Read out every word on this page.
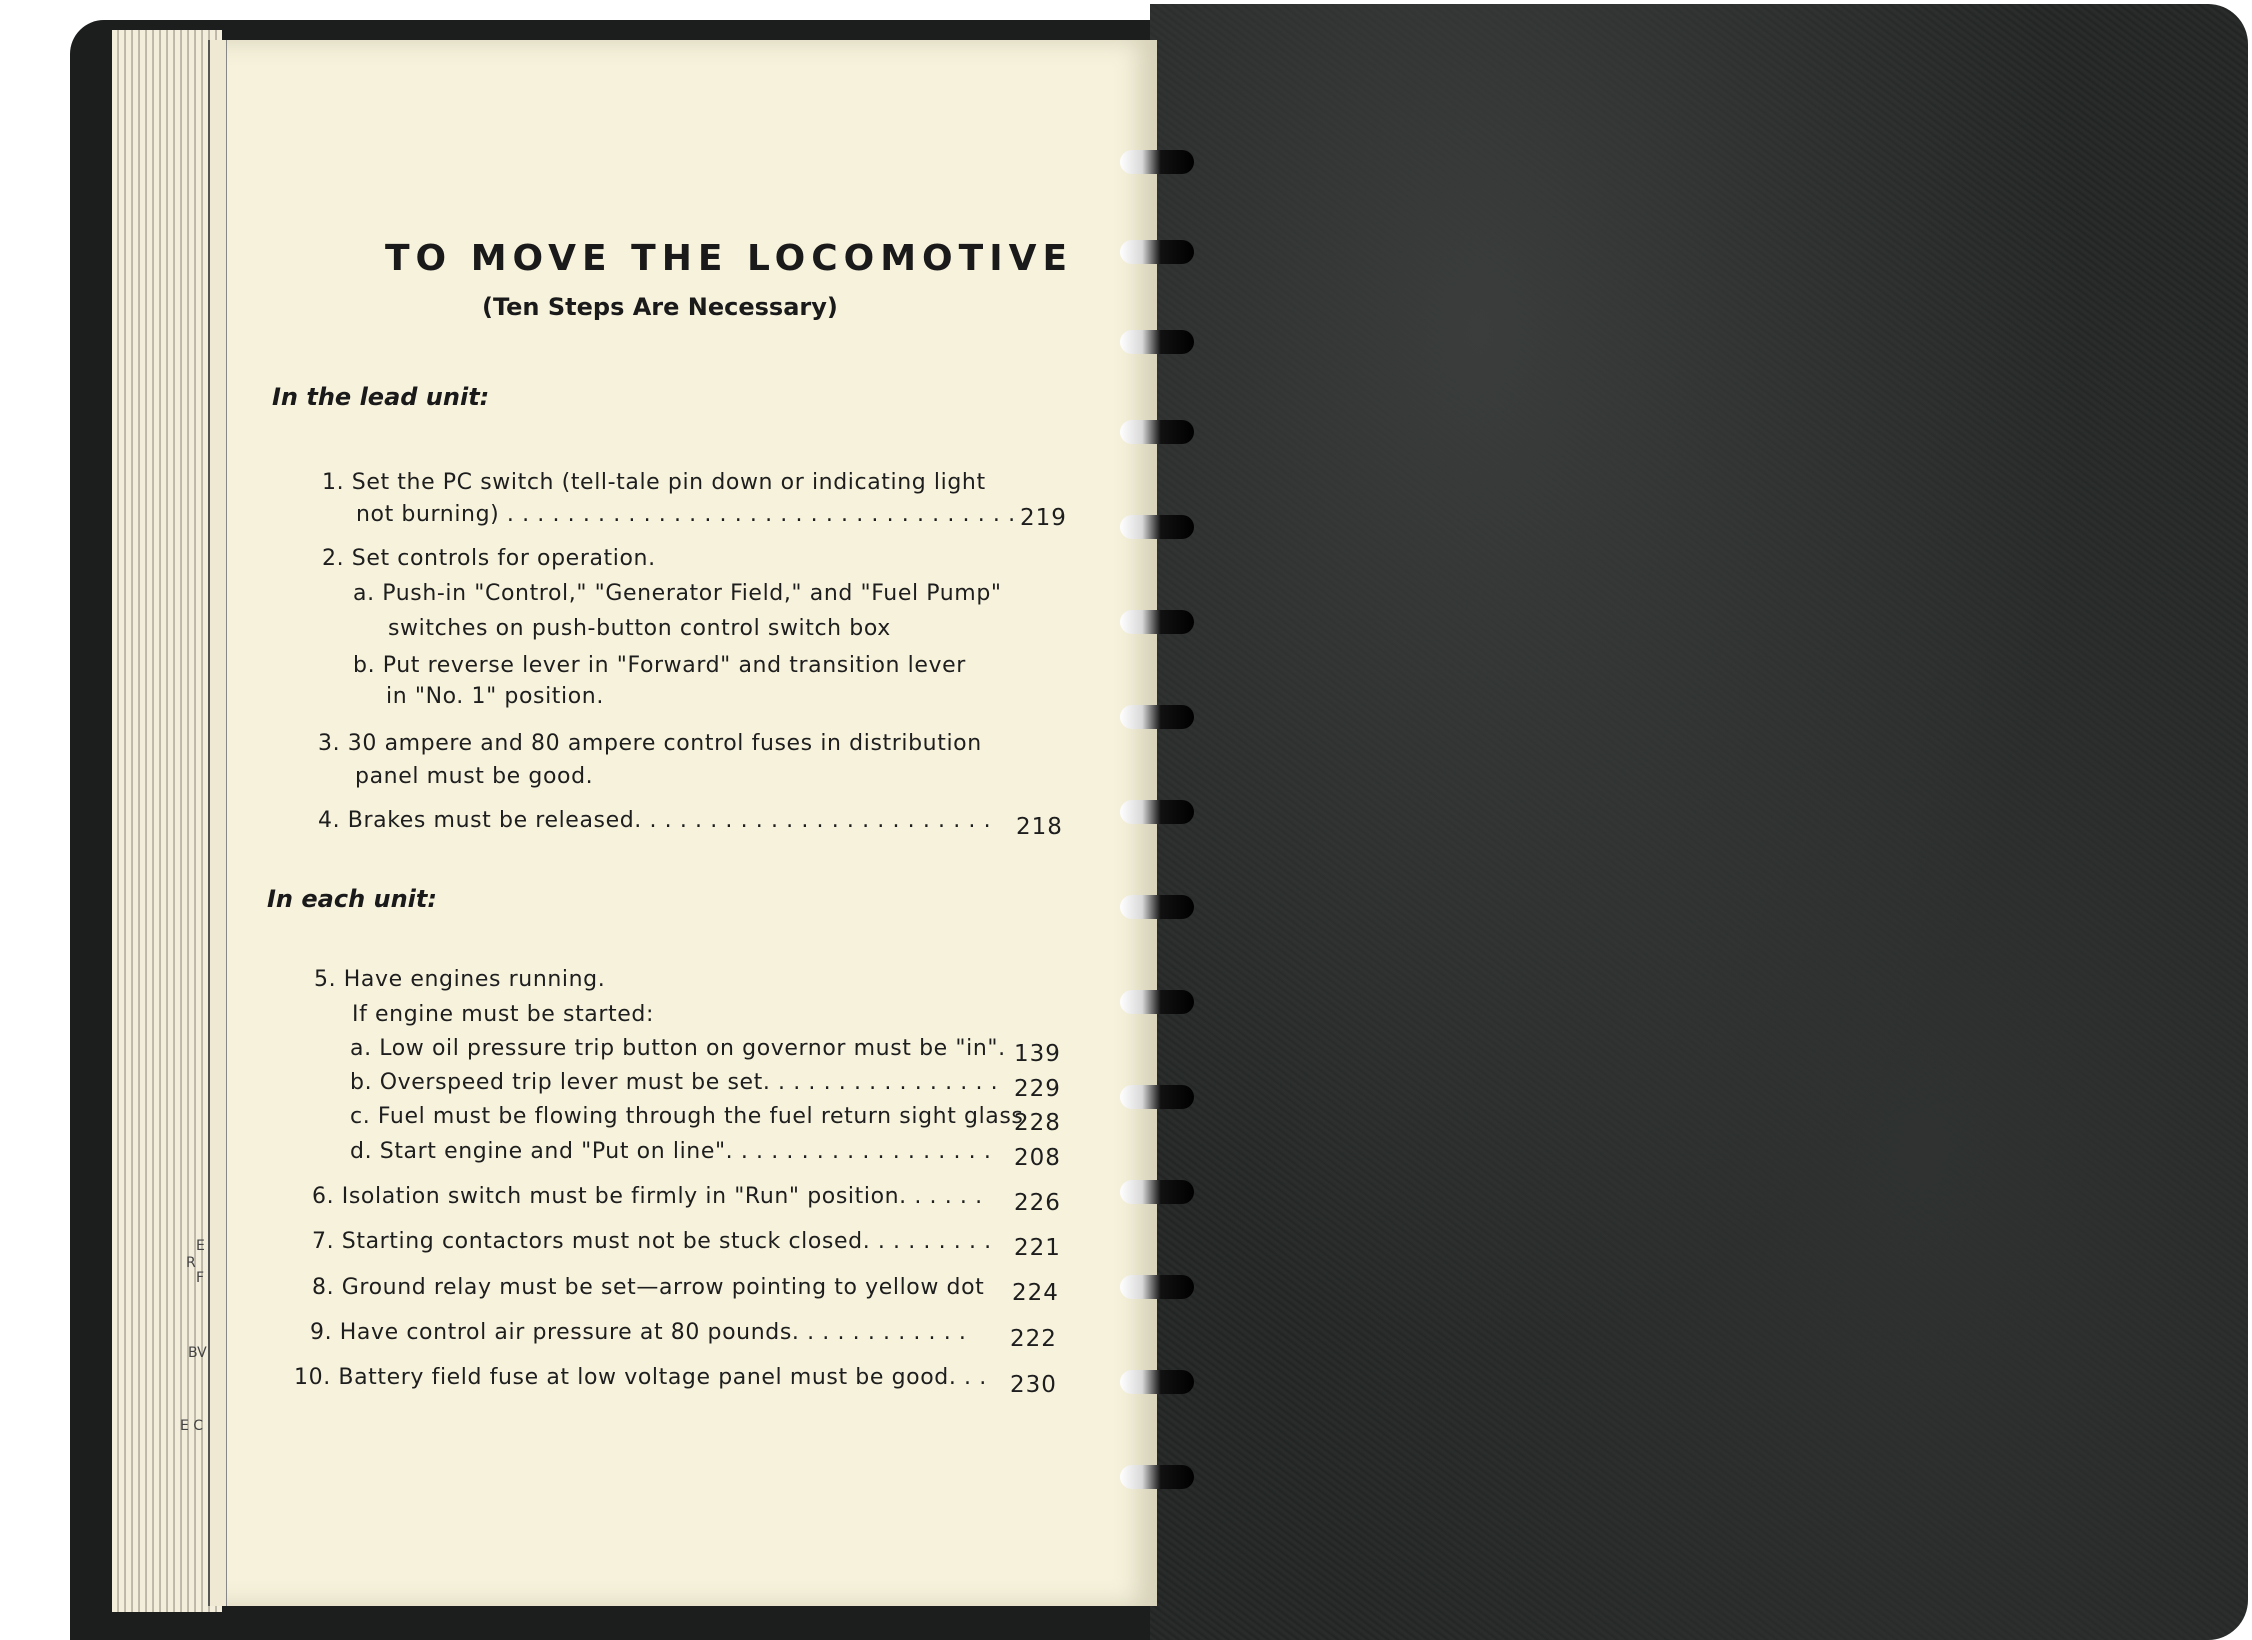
E
R
F
BV
E C
TO MOVE THE LOCOMOTIVE

(Ten Steps Are Necessary)

In the lead unit:
1. Set the PC switch (tell-tale pin down or indicating light
not burning) . . . . . . . . . . . . . . . . . . . . . . . . . . . . . . . . . . 219
2. Set controls for operation.
a. Push-in "Control," "Generator Field," and "Fuel Pump"
switches on push-button control switch box
b. Put reverse lever in "Forward" and transition lever
in "No. 1" position.
3. 30 ampere and 80 ampere control fuses in distribution
panel must be good.
4. Brakes must be released. . . . . . . . . . . . . . . . . . . . . . . . 218
In each unit:
5. Have engines running.
If engine must be started:
a. Low oil pressure trip button on governor must be "in". 139
b. Overspeed trip lever must be set. . . . . . . . . . . . . . . . 229
c. Fuel must be flowing through the fuel return sight glass
228
d. Start engine and "Put on line". . . . . . . . . . . . . . . . . . 208
6. Isolation switch must be firmly in "Run" position. . . . . . 226
7. Starting contactors must not be stuck closed. . . . . . . . . 221
8. Ground relay must be set—arrow pointing to yellow dot 224
9. Have control air pressure at 80 pounds. . . . . . . . . . . . 222
10. Battery field fuse at low voltage panel must be good. . . 230
